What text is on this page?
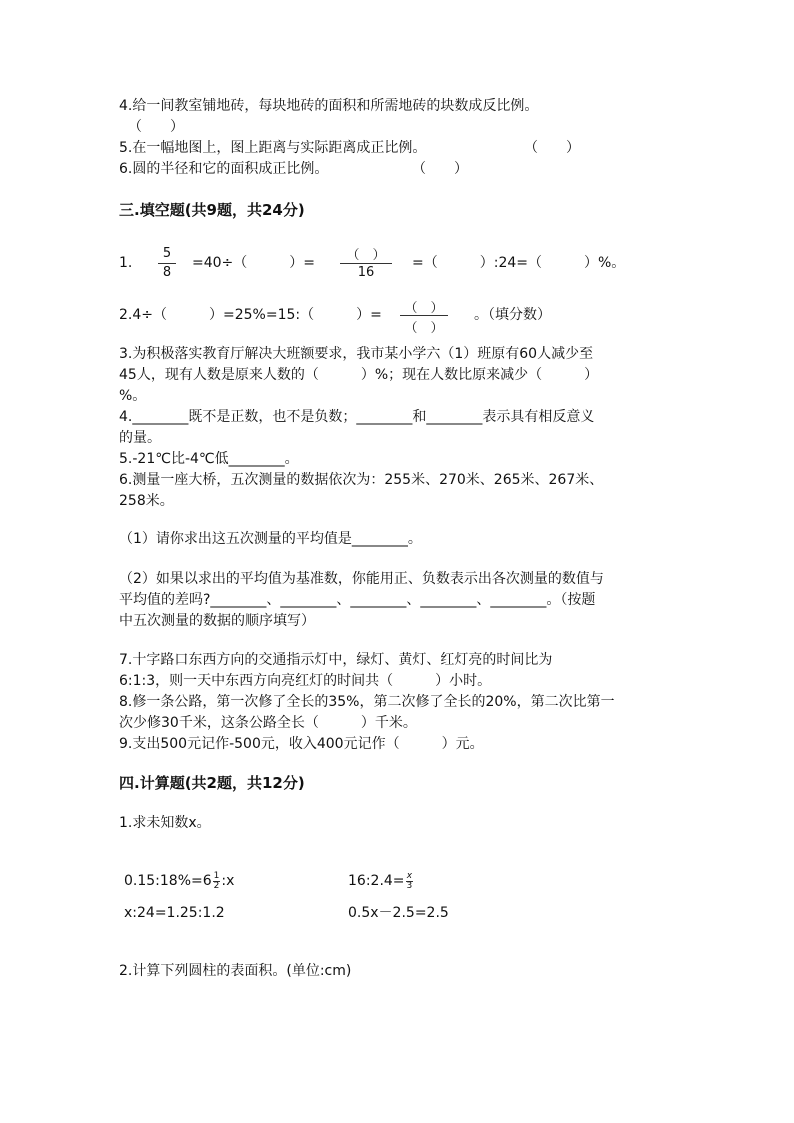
4.给一间教室铺地砖，每块地砖的面积和所需地砖的块数成反比例。
（　　）
5.在一幅地图上，图上距离与实际距离成正比例。	（　　）
6.圆的半径和它的面积成正比例。	（　　）
三.填空题(共9题，共24分)
1.
5
8
=40÷（　　　）=	（　）
16
=（　　　）:24=（　　　）%。
2.4÷（　　　）=25%=15:（　　　）=	（　）
（　）
。（填分数）
3.为积极落实教育厅解决大班额要求，我市某小学六（1）班原有60人减少至
45人，现有人数是原来人数的（　　　）%；现在人数比原来减少（　　　）
%。
4.________既不是正数，也不是负数；________和________表示具有相反意义
的量。
5.-21℃比-4℃低________。
6.测量一座大桥，五次测量的数据依次为：255米、270米、265米、267米、
258米。
（1）请你求出这五次测量的平均值是________。
（2）如果以求出的平均值为基准数，你能用正、负数表示出各次测量的数值与
平均值的差吗?________、________、________、________、________。（按题
中五次测量的数据的顺序填写）
7.十字路口东西方向的交通指示灯中，绿灯、黄灯、红灯亮的时间比为
6:1:3，则一天中东西方向亮红灯的时间共（　　　）小时。
8.修一条公路，第一次修了全长的35%，第二次修了全长的20%，第二次比第一
次少修30千米，这条公路全长（　　　）千米。
9.支出500元记作-500元，收入400元记作（　　　）元。
四.计算题(共2题，共12分)
1.求未知数x。
0.15:18%=6 $\frac{1}{2}$ :x	16:2.4= $\frac{x}{3}$
x:24=1.25:1.2	0.5x－2.5=2.5
2.计算下列圆柱的表面积。(单位:cm)
